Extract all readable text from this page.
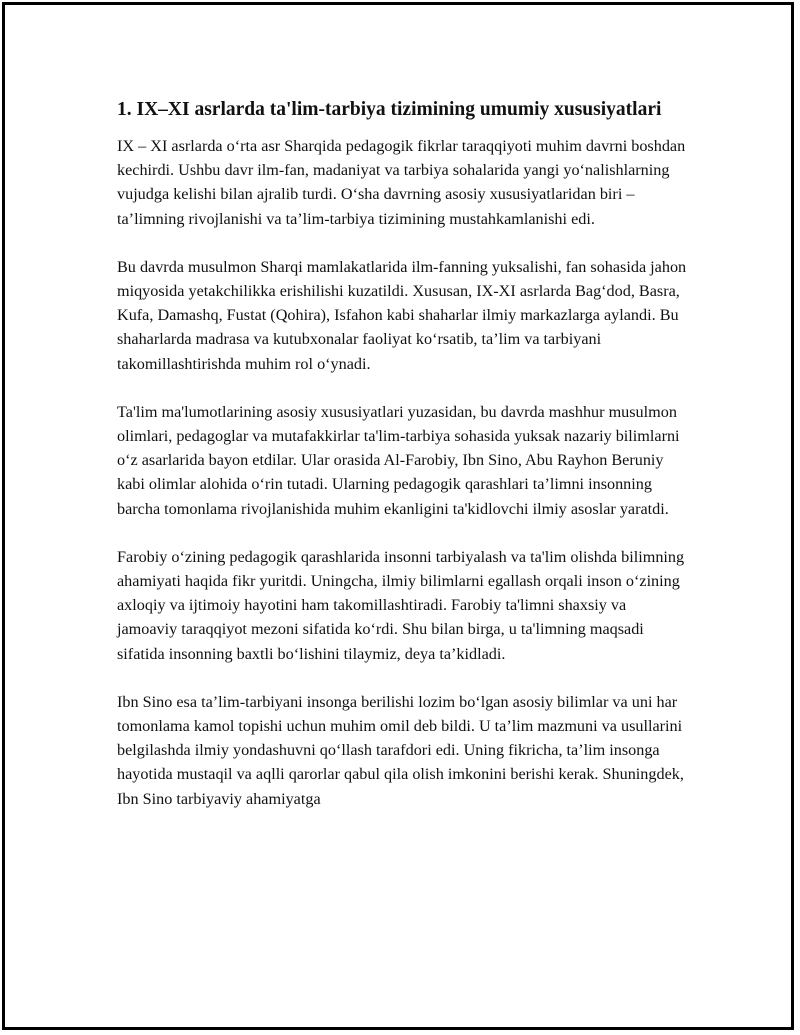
1. IX–XI asrlarda ta'lim-tarbiya tizimining umumiy xususiyatlari

IX – XI asrlarda oʻrta asr Sharqida pedagogik fikrlar taraqqiyoti muhim davrni boshdan kechirdi. Ushbu davr ilm-fan, madaniyat va tarbiya sohalarida yangi yoʻnalishlarning vujudga kelishi bilan ajralib turdi. Oʻsha davrning asosiy xususiyatlaridan biri – taʼlimning rivojlanishi va taʼlim-tarbiya tizimining mustahkamlanishi edi.

Bu davrda musulmon Sharqi mamlakatlarida ilm-fanning yuksalishi, fan sohasida jahon miqyosida yetakchilikka erishilishi kuzatildi. Xususan, IX-XI asrlarda Bagʻdod, Basra, Kufa, Damashq, Fustat (Qohira), Isfahon kabi shaharlar ilmiy markazlarga aylandi. Bu shaharlarda madrasa va kutubxonalar faoliyat koʻrsatib, taʼlim va tarbiyani takomillashtirishda muhim rol oʻynadi.

Ta'lim ma'lumotlarining asosiy xususiyatlari yuzasidan, bu davrda mashhur musulmon olimlari, pedagoglar va mutafakkirlar ta'lim-tarbiya sohasida yuksak nazariy bilimlarni oʻz asarlarida bayon etdilar. Ular orasida Al-Farobiy, Ibn Sino, Abu Rayhon Beruniy kabi olimlar alohida oʻrin tutadi. Ularning pedagogik qarashlari taʼlimni insonning barcha tomonlama rivojlanishida muhim ekanligini ta'kidlovchi ilmiy asoslar yaratdi.

Farobiy oʻzining pedagogik qarashlarida insonni tarbiyalash va ta'lim olishda bilimning ahamiyati haqida fikr yuritdi. Uningcha, ilmiy bilimlarni egallash orqali inson oʻzining axloqiy va ijtimoiy hayotini ham takomillashtiradi. Farobiy ta'limni shaxsiy va jamoaviy taraqqiyot mezoni sifatida koʻrdi. Shu bilan birga, u ta'limning maqsadi sifatida insonning baxtli boʻlishini tilaymiz, deya taʼkidladi.

Ibn Sino esa taʼlim-tarbiyani insonga berilishi lozim boʻlgan asosiy bilimlar va uni har tomonlama kamol topishi uchun muhim omil deb bildi. U taʼlim mazmuni va usullarini belgilashda ilmiy yondashuvni qoʻllash tarafdori edi. Uning fikricha, taʼlim insonga hayotida mustaqil va aqlli qarorlar qabul qila olish imkonini berishi kerak. Shuningdek, Ibn Sino tarbiyaviy ahamiyatga
